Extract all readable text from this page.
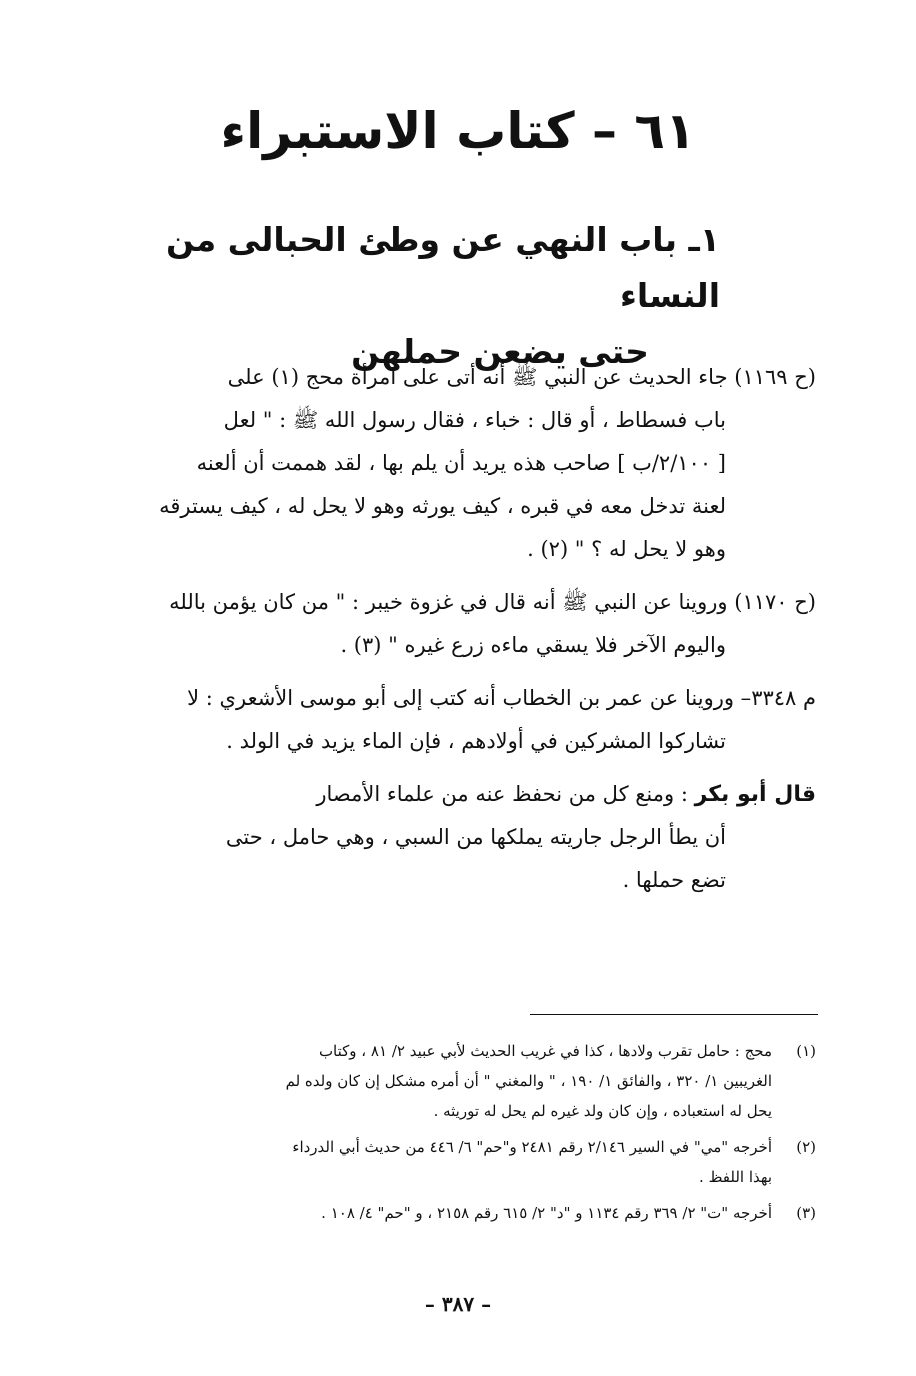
٦١ – كتاب الاستبراء
١ـ باب النهي عن وطئ الحبالى من النساء
حتى يضعن حملهن

(ح ١١٦٩) جاء الحديث عن النبي ﷺ أنه أتى على امرأة محج (١) على
باب فسطاط ، أو قال : خباء ، فقال رسول الله ﷺ : " لعل
[ ٢/١٠٠/ب ] صاحب هذه يريد أن يلم بها ، لقد هممت أن ألعنه
لعنة تدخل معه في قبره ، كيف يورثه وهو لا يحل له ، كيف يسترقه
وهو لا يحل له ؟ " (٢) .

(ح ١١٧٠) وروينا عن النبي ﷺ أنه قال في غزوة خيبر : " من كان يؤمن بالله
واليوم الآخر فلا يسقي ماءه زرع غيره " (٣) .

م ٣٣٤٨– وروينا عن عمر بن الخطاب أنه كتب إلى أبو موسى الأشعري : لا
تشاركوا المشركين في أولادهم ، فإن الماء يزيد في الولد .

قال أبو بكر : ومنع كل من نحفظ عنه من علماء الأمصار
أن يطأ الرجل جاريته يملكها من السبي ، وهي حامل ، حتى
تضع حملها .

(١)
محج : حامل تقرب ولادها ، كذا في غريب الحديث لأبي عبيد ٢/ ٨١ ، وكتاب
الغريبين ١/ ٣٢٠ ، والفائق ١/ ١٩٠ ، " والمغني " أن أمره مشكل إن كان ولده لم
يحل له استعباده ، وإن كان ولد غيره لم يحل له توريثه .
(٢)
أخرجه "مي" في السير ٢/١٤٦ رقم ٢٤٨١ و"حم" ٦/ ٤٤٦ من حديث أبي الدرداء
بهذا اللفظ .
(٣)
أخرجه "ت" ٢/ ٣٦٩ رقم ١١٣٤ و "د" ٢/ ٦١٥ رقم ٢١٥٨ ، و "حم" ٤/ ١٠٨ .
– ٣٨٧ –
